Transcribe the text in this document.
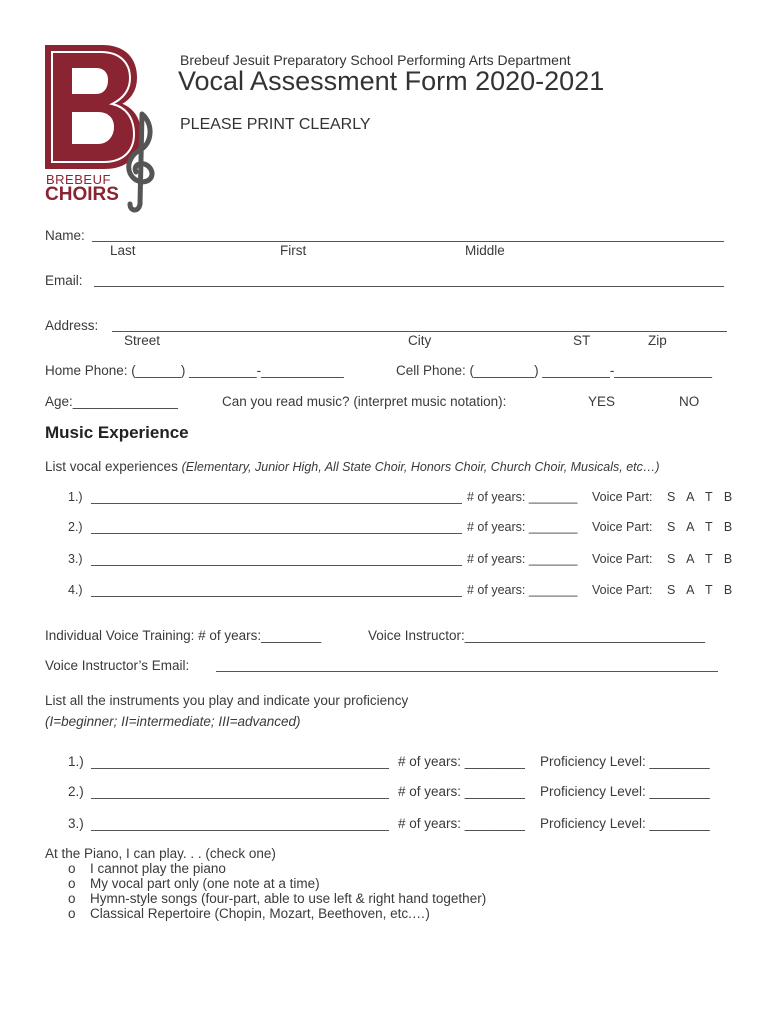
BREBEUF
CHOIRS
Brebeuf Jesuit Preparatory School Performing Arts Department
Vocal Assessment Form 2020-2021
PLEASE PRINT CLEARLY
Name:
Last	First	Middle
Email:
Address:
Street	City	ST	Zip
Home Phone: (______) _________-___________	Cell Phone: (________) _________-_____________
Age:______________	Can you read music? (interpret music notation):	YES	NO
Music Experience
List vocal experiences (Elementary, Junior High, All State Choir, Honors Choir, Church Choir, Musicals, etc…)
1.)	# of years: _______ Voice Part: S A T B
2.)	# of years: _______ Voice Part: S A T B
3.)	# of years: _______ Voice Part: S A T B
4.)	# of years: _______ Voice Part: S A T B
Individual Voice Training: # of years:________	Voice Instructor:________________________________
Voice Instructor’s Email:
List all the instruments you play and indicate your proficiency
(I=beginner; II=intermediate; III=advanced)
1.)	# of years: ________ Proficiency Level: ________
2.)	# of years: ________ Proficiency Level: ________
3.)	# of years: ________ Proficiency Level: ________
At the Piano, I can play. . . (check one)
o I cannot play the piano
o My vocal part only (one note at a time)
o Hymn-style songs (four-part, able to use left & right hand together)
o Classical Repertoire (Chopin, Mozart, Beethoven, etc.…)
